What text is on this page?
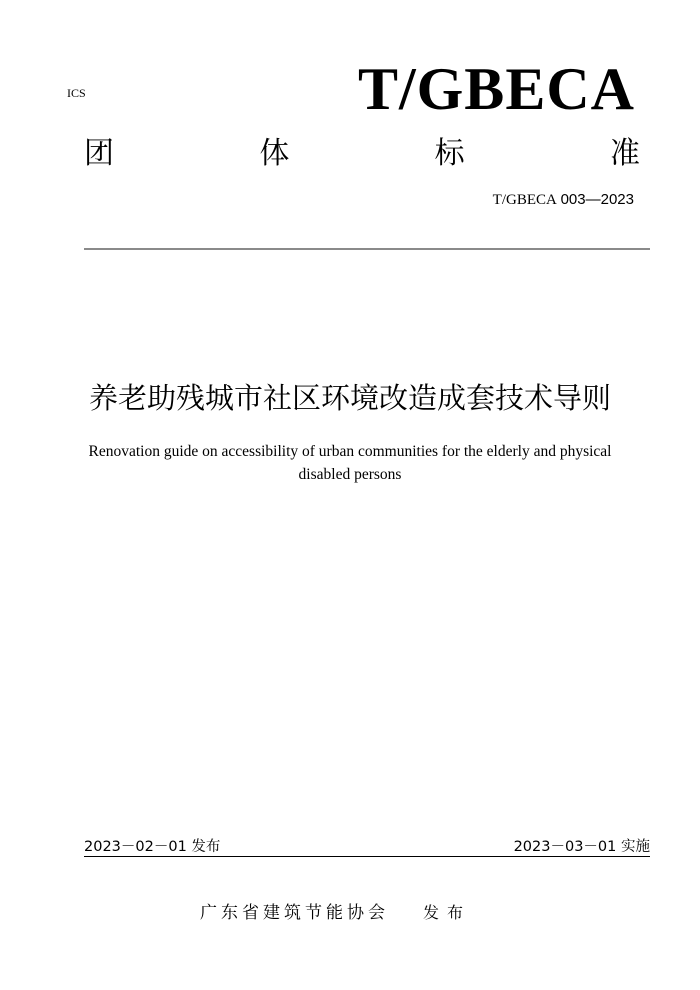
ICS	T/GBECA
团	体	标	准
T/GBECA 003—2023
养老助残城市社区环境改造成套技术导则
Renovation guide on accessibility of urban communities for the elderly and physical
disabled persons
2023－02－01 发布	2023－03－01 实施
广东省建筑节能协会 发布
